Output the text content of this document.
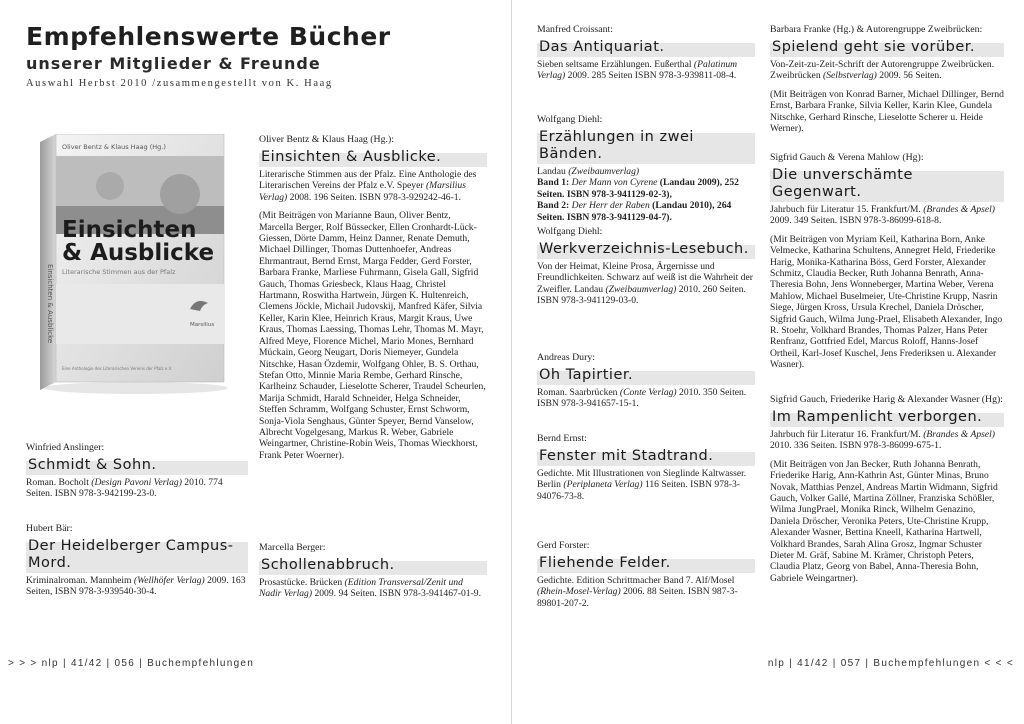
Empfehlenswerte Bücher
unserer Mitglieder & Freunde
Auswahl Herbst 2010 /zusammengestellt von K. Haag
Einsichten & Ausblicke
Oliver Bentz & Klaus Haag (Hg.)
Einsichten
& Ausblicke
Literarische Stimmen aus der Pfalz
Marsilius
Eine Anthologie des Literarischen Vereins der Pfalz e.V.
Oliver Bentz & Klaus Haag (Hg.):
Einsichten & Ausblicke.
Literarische Stimmen aus der Pfalz. Eine Anthologie des Literarischen Vereins der Pfalz e.V. Speyer (Marsilius Verlag) 2008. 196 Seiten. ISBN 978-3-929242-46-1.
(Mit Beiträgen von Marianne Baun, Oliver Bentz, Marcella Berger, Rolf Büssecker, Ellen Cronhardt-Lück-Giessen, Dörte Damm, Heinz Danner, Renate Demuth, Michael Dillinger, Thomas Duttenhoefer, Andreas Ehrmantraut, Bernd Ernst, Marga Fedder, Gerd Forster, Barbara Franke, Marliese Fuhrmann, Gisela Gall, Sigfrid Gauch, Thomas Griesbeck, Klaus Haag, Christel Hartmann, Roswitha Hartwein, Jürgen K. Hultenreich, Clemens Jöckle, Michail Judovskij, Manfred Käfer, Silvia Keller, Karin Klee, Heinrich Kraus, Margit Kraus, Uwe Kraus, Thomas Laessing, Thomas Lehr, Thomas M. Mayr, Alfred Meye, Florence Michel, Mario Mones, Bernhard Mückain, Georg Neugart, Doris Niemeyer, Gundela Nitschke, Hasan Özdemir, Wolfgang Ohler, B. S. Orthau, Stefan Otto, Minnie Maria Rembe, Gerhard Rinsche, Karlheinz Schauder, Lieselotte Scherer, Traudel Scheurlen, Marija Schmidt, Harald Schneider, Helga Schneider, Steffen Schramm, Wolfgang Schuster, Ernst Schworm, Sonja-Viola Senghaus, Günter Speyer, Bernd Vanselow, Albrecht Vogelgesang, Markus R. Weber, Gabriele Weingartner, Christine-Robin Weis, Thomas Wieckhorst, Frank Peter Woerner).
Marcella Berger:
Schollenabbruch.
Prosastücke. Brücken (Edition Transversal/Zenit und Nadir Verlag) 2009. 94 Seiten. ISBN 978-3-941467-01-9.
Winfried Anslinger:
Schmidt & Sohn.
Roman. Bocholt (Design Pavoni Verlag) 2010. 774 Seiten. ISBN 978-3-942199-23-0.
Hubert Bär:
Der Heidelberger Campus-Mord.
Kriminalroman. Mannheim (Wellhöfer Verlag) 2009. 163 Seiten, ISBN 978-3-939540-30-4.
Manfred Croissant:
Das Antiquariat.
Sieben seltsame Erzählungen. Eußerthal (Palatinum Verlag) 2009. 285 Seiten ISBN 978-3-939811-08-4.
Wolfgang Diehl:
Erzählungen in zwei Bänden.
Landau (Zweibaumverlag)
Band 1: Der Mann von Cyrene (Landau 2009), 252 Seiten. ISBN 978-3-941129-02-3),
Band 2: Der Herr der Raben (Landau 2010), 264 Seiten. ISBN 978-3-941129-04-7).
Wolfgang Diehl:
Werkverzeichnis-Lesebuch.
Von der Heimat, Kleine Prosa, Ärgernisse und Freundlichkeiten. Schwarz auf weiß ist die Wahrheit der Zweifler. Landau (Zweibaumverlag) 2010. 260 Seiten. ISBN 978-3-941129-03-0.
Andreas Dury:
Oh Tapirtier.
Roman. Saarbrücken (Conte Verlag) 2010. 350 Seiten. ISBN 978-3-941657-15-1.
Bernd Ernst:
Fenster mit Stadtrand.
Gedichte. Mit Illustrationen von Sieglinde Kaltwasser. Berlin (Periplaneta Verlag) 116 Seiten. ISBN 978-3-94076-73-8.
Gerd Forster:
Fliehende Felder.
Gedichte. Edition Schrittmacher Band 7. Alf/Mosel (Rhein-Mosel-Verlag) 2006. 88 Seiten. ISBN 987-3-89801-207-2.
Barbara Franke (Hg.) & Autorengruppe Zweibrücken:
Spielend geht sie vorüber.
Von-Zeit-zu-Zeit-Schrift der Autorengruppe Zweibrücken. Zweibrücken (Selbstverlag) 2009. 56 Seiten.
(Mit Beiträgen von Konrad Barner, Michael Dillinger, Bernd Ernst, Barbara Franke, Silvia Keller, Karin Klee, Gundela Nitschke, Gerhard Rinsche, Lieselotte Scherer u. Heide Werner).
Sigfrid Gauch & Verena Mahlow (Hg):
Die unverschämte Gegenwart.
Jahrbuch für Literatur 15. Frankfurt/M. (Brandes & Apsel) 2009. 349 Seiten. ISBN 978-3-86099-618-8.
(Mit Beiträgen von Myriam Keil, Katharina Born, Anke Velmecke, Katharina Schultens, Annegret Held, Friederike Harig, Monika-Katharina Böss, Gerd Forster, Alexander Schmitz, Claudia Becker, Ruth Johanna Benrath, Anna-Theresia Bohn, Jens Wonneberger, Martina Weber, Verena Mahlow, Michael Buselmeier, Ute-Christine Krupp, Nasrin Siege, Jürgen Kross, Ursula Krechel, Daniela Dröscher, Sigfrid Gauch, Wilma Jung-Prael, Elisabeth Alexander, Ingo R. Stoehr, Volkhard Brandes, Thomas Palzer, Hans Peter Renfranz, Gottfried Edel, Marcus Roloff, Hanns-Josef Ortheil, Karl-Josef Kuschel, Jens Frederiksen u. Alexander Wasner).
Sigfrid Gauch, Friederike Harig & Alexander Wasner (Hg):
Im Rampenlicht verborgen.
Jahrbuch für Literatur 16. Frankfurt/M. (Brandes & Apsel) 2010. 336 Seiten. ISBN 978-3-86099-675-1.
(Mit Beiträgen von Jan Becker, Ruth Johanna Benrath, Friederike Harig, Ann-Kathrin Ast, Günter Minas, Bruno Novak, Matthias Penzel, Andreas Martin Widmann, Sigfrid Gauch, Volker Gallé, Martina Zöllner, Franziska Schößler, Wilma JungPrael, Monika Rinck, Wilhelm Genazino, Daniela Dröscher, Veronika Peters, Ute-Christine Krupp, Alexander Wasner, Bettina Kneell, Katharina Hartwell, Volkhard Brandes, Sarah Alina Grosz, Ingmar Schuster Dieter M. Gräf, Sabine M. Krämer, Christoph Peters, Claudia Platz, Georg von Babel, Anna-Theresia Bohn, Gabriele Weingartner).
> > > nlp | 41/42 | 056 | Buchempfehlungen	nlp | 41/42 | 057 | Buchempfehlungen < < <
